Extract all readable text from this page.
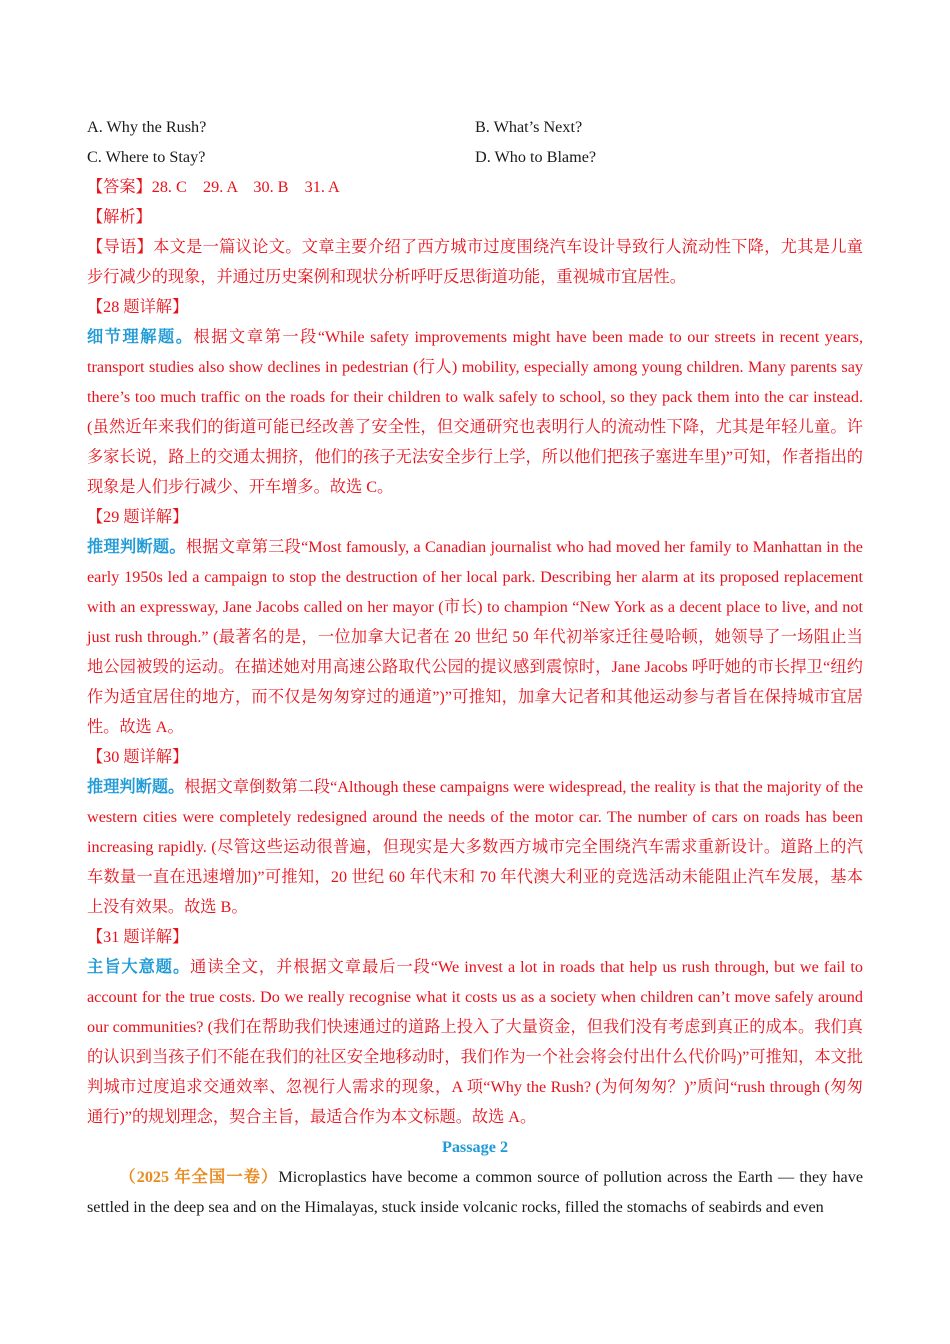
A. Why the Rush?	B. What’s Next?
C. Where to Stay?	D. Who to Blame?
【答案】28. C　29. A　30. B　31. A
【解析】
【导语】本文是一篇议论文。文章主要介绍了西方城市过度围绕汽车设计导致行人流动性下降，尤其是儿童步行减少的现象，并通过历史案例和现状分析呼吁反思街道功能，重视城市宜居性。
【28 题详解】
细节理解题。根据文章第一段“While safety improvements might have been made to our streets in recent years, transport studies also show declines in pedestrian (行人) mobility, especially among young children. Many parents say there’s too much traffic on the roads for their children to walk safely to school, so they pack them into the car instead. (虽然近年来我们的街道可能已经改善了安全性，但交通研究也表明行人的流动性下降，尤其是年轻儿童。许多家长说，路上的交通太拥挤，他们的孩子无法安全步行上学，所以他们把孩子塞进车里)”可知，作者指出的现象是人们步行减少、开车增多。故选 C。
【29 题详解】
推理判断题。根据文章第三段“Most famously, a Canadian journalist who had moved her family to Manhattan in the early 1950s led a campaign to stop the destruction of her local park. Describing her alarm at its proposed replacement with an expressway, Jane Jacobs called on her mayor (市长) to champion “New York as a decent place to live, and not just rush through.” (最著名的是，一位加拿大记者在 20 世纪 50 年代初举家迁往曼哈顿，她领导了一场阻止当地公园被毁的运动。在描述她对用高速公路取代公园的提议感到震惊时，Jane Jacobs 呼吁她的市长捍卫“纽约作为适宜居住的地方，而不仅是匆匆穿过的通道”)”可推知，加拿大记者和其他运动参与者旨在保持城市宜居性。故选 A。
【30 题详解】
推理判断题。根据文章倒数第二段“Although these campaigns were widespread, the reality is that the majority of the western cities were completely redesigned around the needs of the motor car. The number of cars on roads has been increasing rapidly. (尽管这些运动很普遍，但现实是大多数西方城市完全围绕汽车需求重新设计。道路上的汽车数量一直在迅速增加)”可推知，20 世纪 60 年代末和 70 年代澳大利亚的竞选活动未能阻止汽车发展，基本上没有效果。故选 B。
【31 题详解】
主旨大意题。通读全文，并根据文章最后一段“We invest a lot in roads that help us rush through, but we fail to account for the true costs. Do we really recognise what it costs us as a society when children can’t move safely around our communities? (我们在帮助我们快速通过的道路上投入了大量资金，但我们没有考虑到真正的成本。我们真的认识到当孩子们不能在我们的社区安全地移动时，我们作为一个社会将会付出什么代价吗)”可推知，本文批判城市过度追求交通效率、忽视行人需求的现象，A 项“Why the Rush? (为何匆匆？)”质问“rush through (匆匆通行)”的规划理念，契合主旨，最适合作为本文标题。故选 A。
Passage 2
（2025 年全国一卷）Microplastics have become a common source of pollution across the Earth — they have settled in the deep sea and on the Himalayas, stuck inside volcanic rocks, filled the stomachs of seabirds and even
